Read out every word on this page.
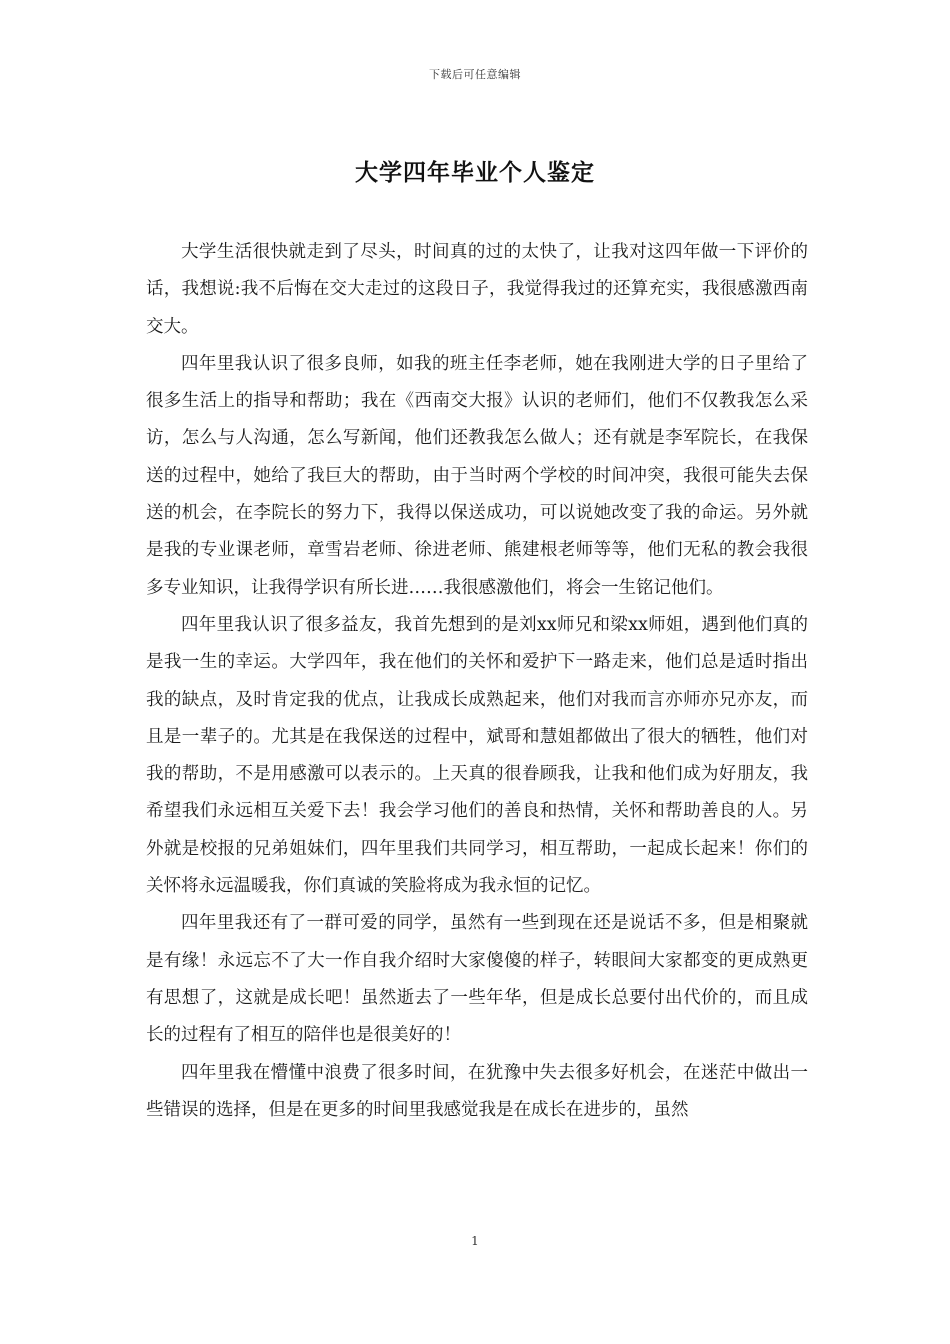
下载后可任意编辑
大学四年毕业个人鉴定

大学生活很快就走到了尽头，时间真的过的太快了，让我对这四年做一下评价的话，我想说:我不后悔在交大走过的这段日子，我觉得我过的还算充实，我很感激西南交大。

四年里我认识了很多良师，如我的班主任李老师，她在我刚进大学的日子里给了很多生活上的指导和帮助；我在《西南交大报》认识的老师们，他们不仅教我怎么采访，怎么与人沟通，怎么写新闻，他们还教我怎么做人；还有就是李军院长，在我保送的过程中，她给了我巨大的帮助，由于当时两个学校的时间冲突，我很可能失去保送的机会，在李院长的努力下，我得以保送成功，可以说她改变了我的命运。另外就是我的专业课老师，章雪岩老师、徐进老师、熊建根老师等等，他们无私的教会我很多专业知识，让我得学识有所长进……我很感激他们，将会一生铭记他们。

四年里我认识了很多益友，我首先想到的是刘xx师兄和梁xx师姐，遇到他们真的是我一生的幸运。大学四年，我在他们的关怀和爱护下一路走来，他们总是适时指出我的缺点，及时肯定我的优点，让我成长成熟起来，他们对我而言亦师亦兄亦友，而且是一辈子的。尤其是在我保送的过程中，斌哥和慧姐都做出了很大的牺牲，他们对我的帮助，不是用感激可以表示的。上天真的很眷顾我，让我和他们成为好朋友，我希望我们永远相互关爱下去！我会学习他们的善良和热情，关怀和帮助善良的人。另外就是校报的兄弟姐妹们，四年里我们共同学习，相互帮助，一起成长起来！你们的关怀将永远温暖我，你们真诚的笑脸将成为我永恒的记忆。

四年里我还有了一群可爱的同学，虽然有一些到现在还是说话不多，但是相聚就是有缘！永远忘不了大一作自我介绍时大家傻傻的样子，转眼间大家都变的更成熟更有思想了，这就是成长吧！虽然逝去了一些年华，但是成长总要付出代价的，而且成长的过程有了相互的陪伴也是很美好的！

四年里我在懵懂中浪费了很多时间，在犹豫中失去很多好机会，在迷茫中做出一些错误的选择，但是在更多的时间里我感觉我是在成长在进步的，虽然

1
